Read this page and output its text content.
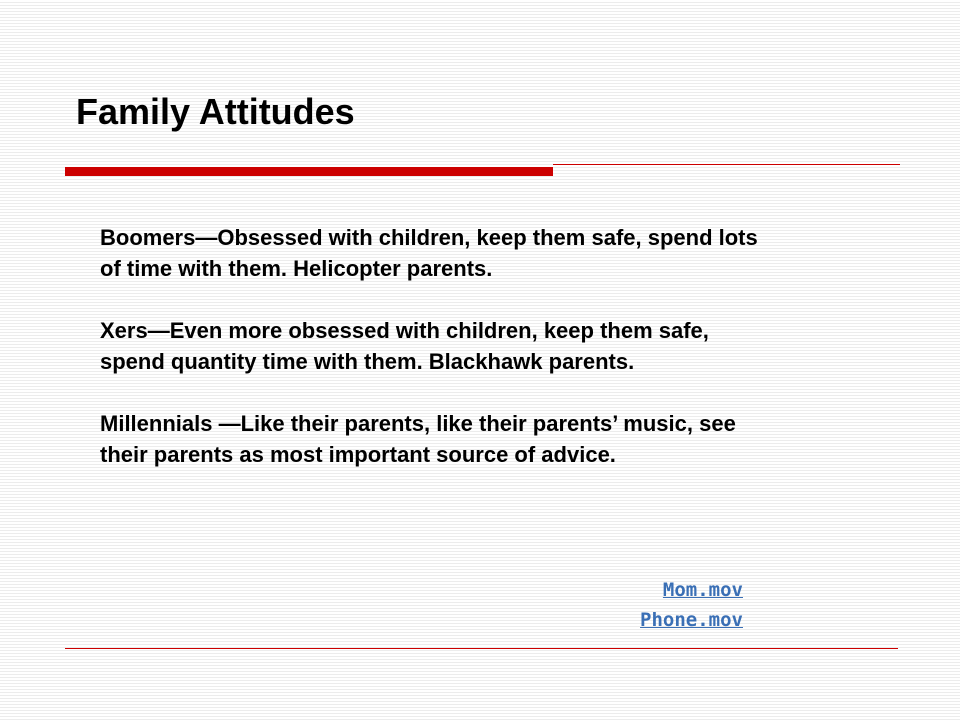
Family Attitudes

Boomers—Obsessed with children, keep them safe, spend lots of time with them. Helicopter parents.

Xers—Even more obsessed with children, keep them safe, spend quantity time with them. Blackhawk parents.

Millennials —Like their parents, like their parents’ music, see their parents as most important source of advice.

Mom.mov
Phone.mov
